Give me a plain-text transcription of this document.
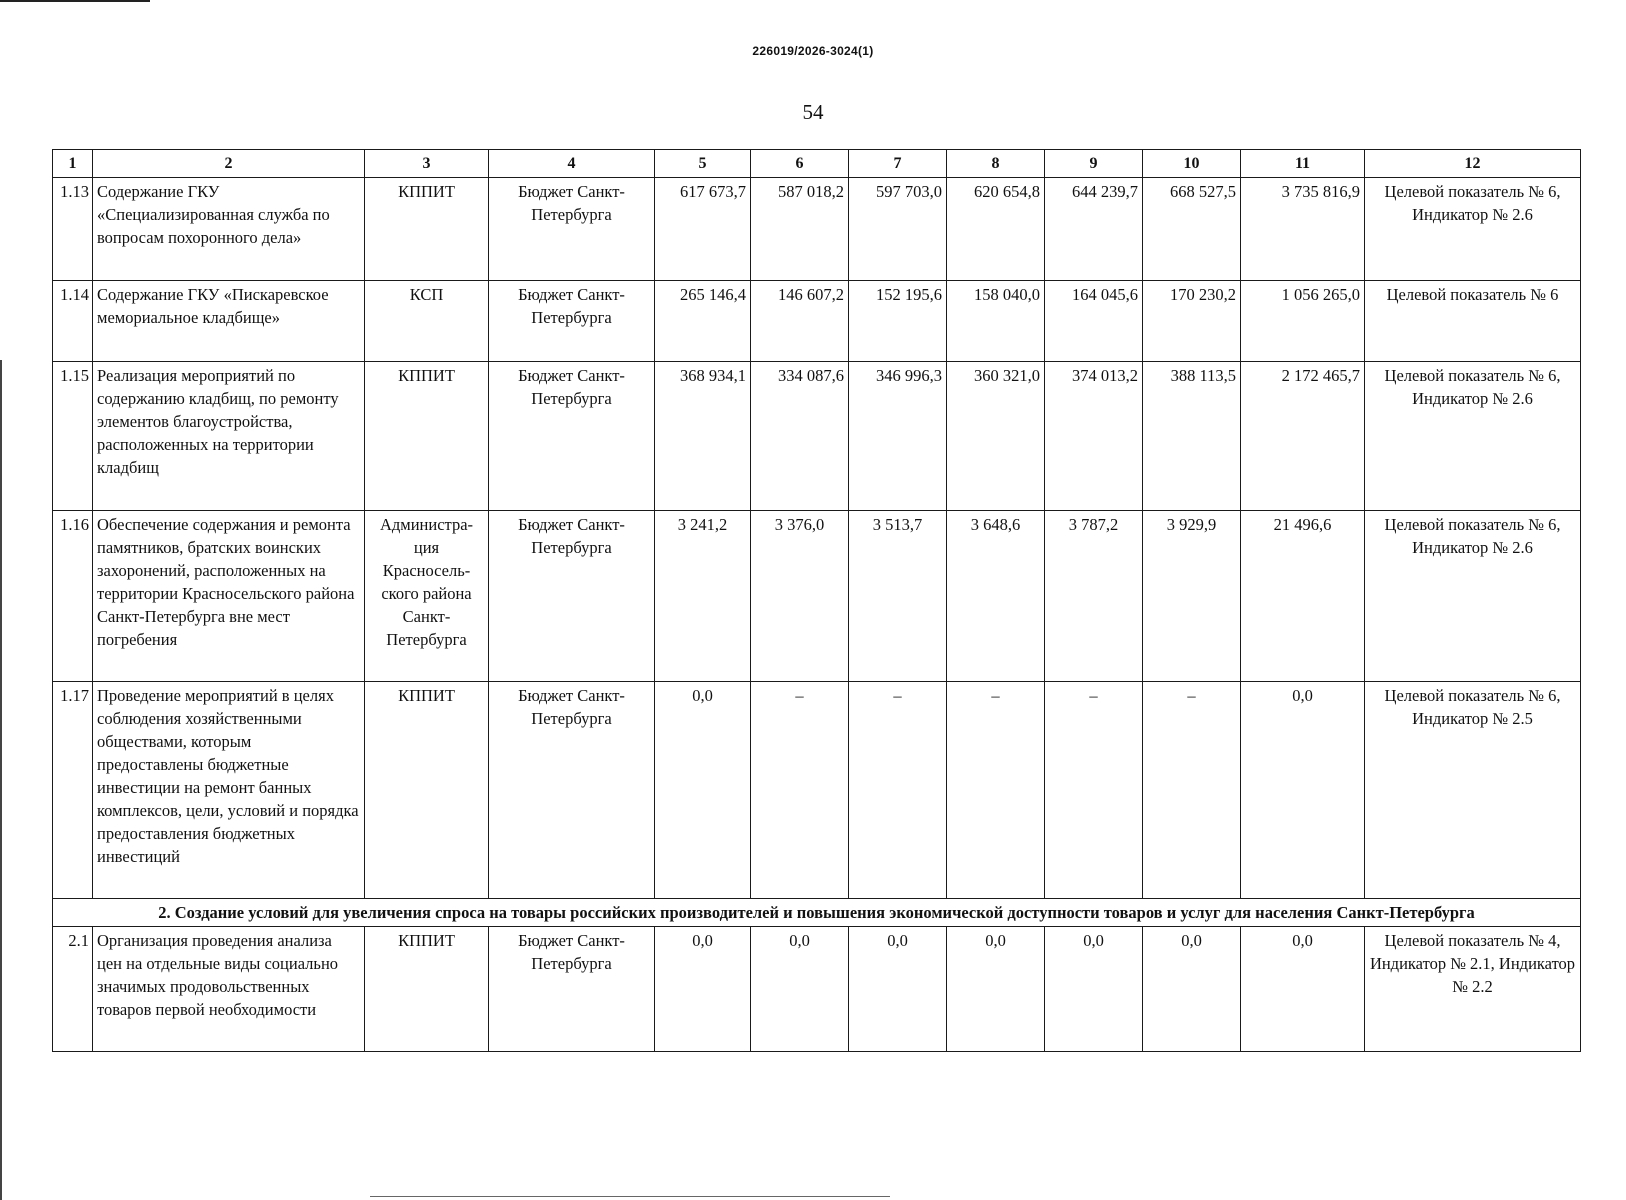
226019/2026-3024(1)
54
1	2	3	4	5	6	7	8	9	10	11	12
1.13	Содержание ГКУ «Специализированная служба по вопросам похоронного дела»	КППИТ	Бюджет Санкт-Петербурга	617 673,7	587 018,2	597 703,0	620 654,8	644 239,7	668 527,5	3 735 816,9	Целевой показатель № 6, Индикатор № 2.6
1.14	Содержание ГКУ «Пискаревское мемориальное кладбище»	КСП	Бюджет Санкт-Петербурга	265 146,4	146 607,2	152 195,6	158 040,0	164 045,6	170 230,2	1 056 265,0	Целевой показатель № 6
1.15	Реализация мероприятий по содержанию кладбищ, по ремонту элементов благоустройства, расположенных на территории кладбищ	КППИТ	Бюджет Санкт-Петербурга	368 934,1	334 087,6	346 996,3	360 321,0	374 013,2	388 113,5	2 172 465,7	Целевой показатель № 6, Индикатор № 2.6
1.16	Обеспечение содержания и ремонта памятников, братских воинских захоронений, расположенных на территории Красносельского района Санкт-Петербурга вне мест погребения	Администра-ция Красносель-ского района Санкт-Петербурга	Бюджет Санкт-Петербурга	3 241,2	3 376,0	3 513,7	3 648,6	3 787,2	3 929,9	21 496,6	Целевой показатель № 6, Индикатор № 2.6
1.17	Проведение мероприятий в целях соблюдения хозяйственными обществами, которым предоставлены бюджетные инвестиции на ремонт банных комплексов, цели, условий и порядка предоставления бюджетных инвестиций	КППИТ	Бюджет Санкт-Петербурга	0,0	–	–	–	–	–	0,0	Целевой показатель № 6, Индикатор № 2.5
2. Создание условий для увеличения спроса на товары российских производителей и повышения экономической доступности товаров и услуг для населения Санкт-Петербурга											
2.1	Организация проведения анализа цен на отдельные виды социально значимых продовольственных товаров первой необходимости	КППИТ	Бюджет Санкт-Петербурга	0,0	0,0	0,0	0,0	0,0	0,0	0,0	Целевой показатель № 4, Индикатор № 2.1, Индикатор № 2.2
